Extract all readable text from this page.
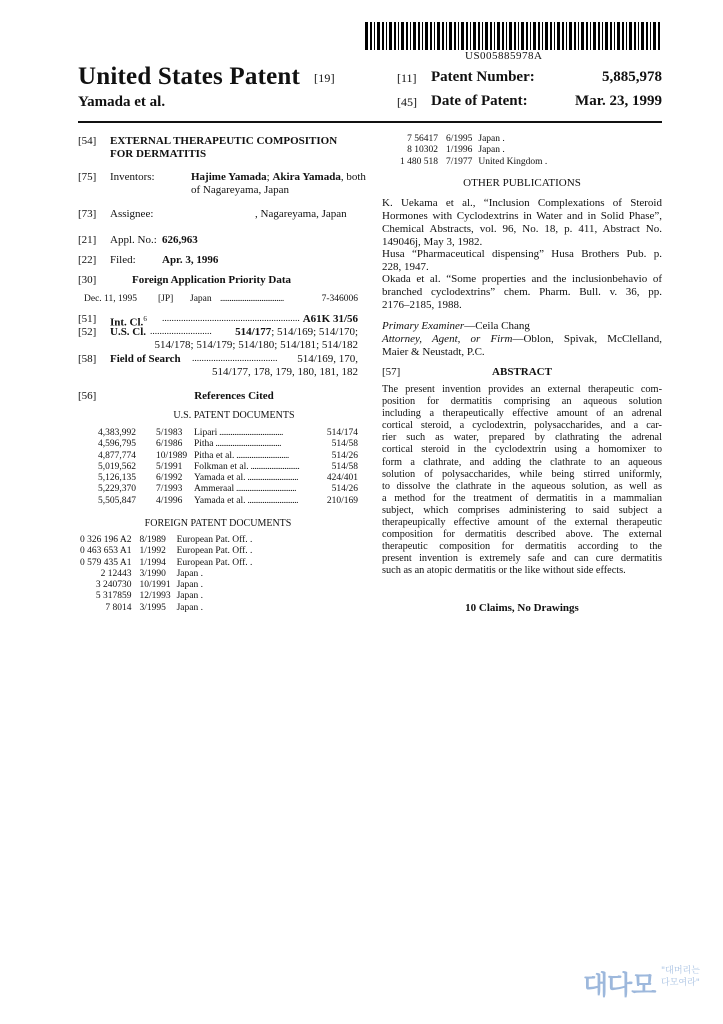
US005885978A
United States Patent [19]
Yamada et al.
[11] Patent Number:	5,885,978
[45] Date of Patent:	Mar. 23, 1999
[54] EXTERNAL THERAPEUTIC COMPOSITION
FOR DERMATITIS
[75] Inventors:	Hajime Yamada; Akira Yamada, both
of Nagareyama, Japan
[73] Assignee:	, Nagareyama, Japan
[21] Appl. No.: 626,963
[22] Filed: Apr. 3, 1996
[30]	Foreign Application Priority Data
Dec. 11, 1995 [JP] Japan ..................................	7-346006
[51] Int. Cl.$^6$ .......................................................... A61K 31/56
[52] U.S. Cl. ..........................	514/177; 514/169; 514/170;
514/178; 514/179; 514/180; 514/181; 514/182
[58] Field of Search ....................................	514/169, 170,
514/177, 178, 179, 180, 181, 182
[56]	References Cited
U.S. PATENT DOCUMENTS
4,383,992	5/1983	Lipari ..................................	514/174
4,596,795	6/1986	Pitha ...................................	514/58
4,877,774	10/1989	Pitha et al. ............................	514/26
5,019,562	5/1991	Folkman et al. ..........................	514/58
5,126,135	6/1992	Yamada et al. ...........................	424/401
5,229,370	7/1993	Ammeraal ................................	514/26
5,505,847	4/1996	Yamada et al. ...........................	210/169
FOREIGN PATENT DOCUMENTS
0 326 196 A2	8/1989	European Pat. Off. .
0 463 653 A1	1/1992	European Pat. Off. .
0 579 435 A1	1/1994	European Pat. Off. .
2 12443	3/1990	Japan .
3 240730	10/1991	Japan .
5 317859	12/1993	Japan .
7 8014	3/1995	Japan .
7 56417	6/1995	Japan .
8 10302	1/1996	Japan .
1 480 518	7/1977	United Kingdom .
OTHER PUBLICATIONS
K. Uekama et al., “Inclusion Complexations of Steroid
Hormones with Cyclodextrins in Water and in Solid Phase”,
Chemical Abstracts, vol. 96, No. 18, p. 411, Abstract No.
149046j, May 3, 1982.
Husa “Pharmaceutical dispensing” Husa Brothers Pub. p.
228, 1947.
Okada et al. “Some properties and the inclusionbehavio of
branched cyclodextrins” chem. Pharm. Bull. v. 36, pp.
2176–2185, 1988.
Primary Examiner—Ceila Chang
Attorney, Agent, or Firm—Oblon, Spivak, McClelland,
Maier & Neustadt, P.C.
[57]	ABSTRACT
The present invention provides an external therapeutic com-
position for dermatitis comprising an aqueous solution
including a therapeutically effective amount of an adrenal
cortical steroid, a cyclodextrin, polysaccharides, and a car-
rier such as water, prepared by clathrating the adrenal
cortical steroid in the cyclodextrin using a homomixer to
form a clathrate, and adding the clathrate to an aqueous
solution of polysaccharides, while being stirred uniformly,
to dissolve the clathrate in the aqueous solution, as well as
a method for the treatment of dermatitis in a mammalian
subject, which comprises administering to said subject a
therapeupically effective amount of the external therapeutic
composition for dermatitis described above. The external
therapeutic composition for dermatitis according to the
present invention is extremely safe and can cure dermatitis
such as an atopic dermatitis or the like without side effects.
10 Claims, No Drawings
대다모 "대머리는
다모여라"
